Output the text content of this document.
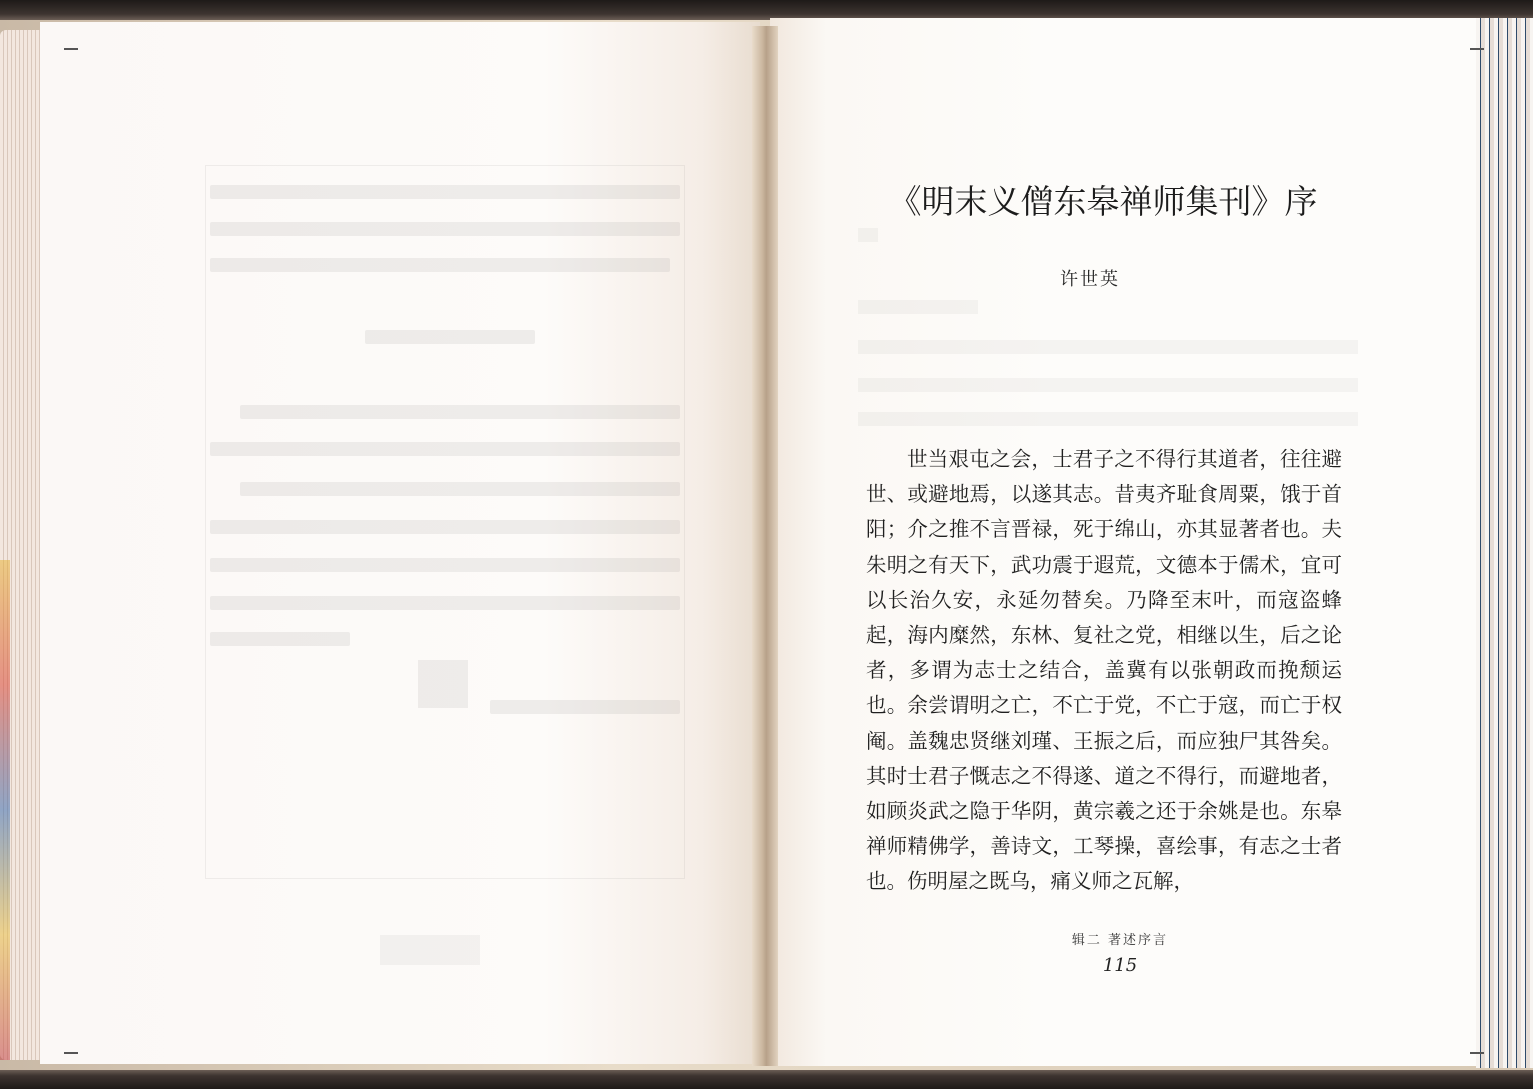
《明末义僧东皋禅师集刊》序
许世英

世当艰屯之会，士君子之不得行其道者，往往避世、或避地焉，以遂其志。昔夷齐耻食周粟，饿于首阳；介之推不言晋禄，死于绵山，亦其显著者也。夫朱明之有天下，武功震于遐荒，文德本于儒术，宜可以长治久安，永延勿替矣。乃降至末叶，而寇盗蜂起，海内糜然，东林、复社之党，相继以生，后之论者，多谓为志士之结合，盖冀有以张朝政而挽颓运也。余尝谓明之亡，不亡于党，不亡于寇，而亡于权阉。盖魏忠贤继刘瑾、王振之后，而应独尸其咎矣。其时士君子慨志之不得遂、道之不得行，而避地者，如顾炎武之隐于华阴，黄宗羲之还于余姚是也。东皋禅师精佛学，善诗文，工琴操，喜绘事，有志之士者也。伤明屋之既乌，痛义师之瓦解，

辑二 著述序言
115
